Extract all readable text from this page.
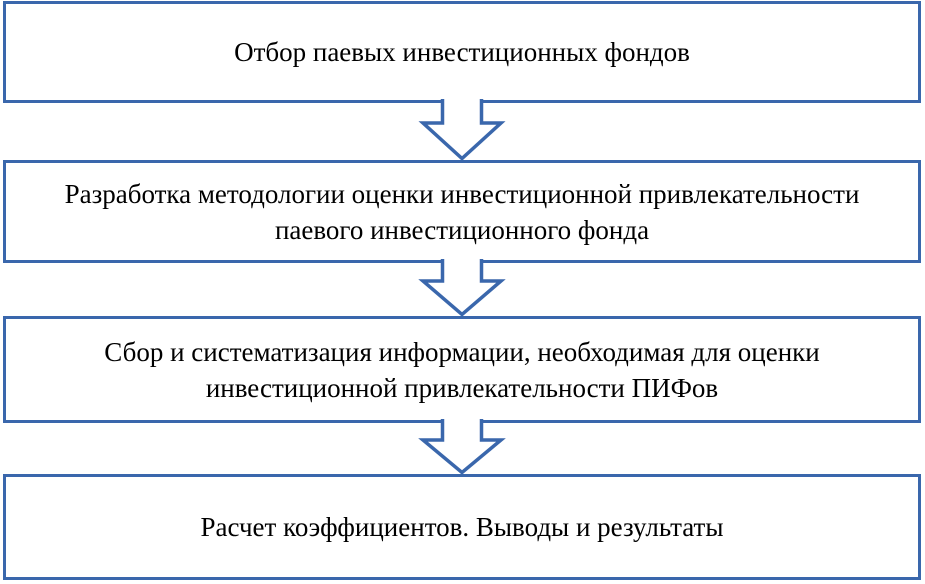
Отбор паевых инвестиционных фондов
Разработка методологии оценки инвестиционной привлекательности
паевого инвестиционного фонда
Сбор и систематизация информации, необходимая для оценки
инвестиционной привлекательности ПИФов
Расчет коэффициентов. Выводы и результаты
